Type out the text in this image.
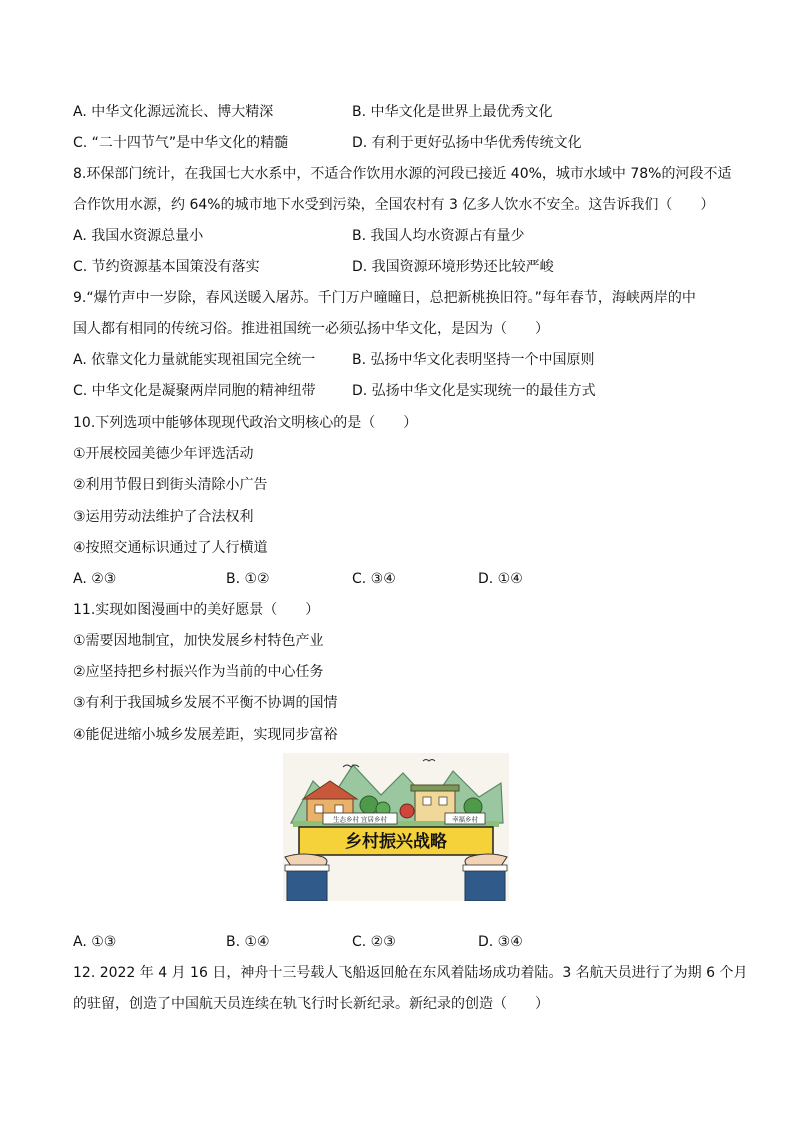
A. 中华文化源远流长、博大精深	B. 中华文化是世界上最优秀文化
C. “二十四节气”是中华文化的精髓	D. 有利于更好弘扬中华优秀传统文化
8.环保部门统计，在我国七大水系中，不适合作饮用水源的河段已接近 40%，城市水域中 78%的河段不适
合作饮用水源，约 64%的城市地下水受到污染，全国农村有 3 亿多人饮水不安全。这告诉我们（　　）
A. 我国水资源总量小	B. 我国人均水资源占有量少
C. 节约资源基本国策没有落实	D. 我国资源环境形势还比较严峻
9.“爆竹声中一岁除，春风送暖入屠苏。千门万户曈曈日，总把新桃换旧符。”每年春节，海峡两岸的中
国人都有相同的传统习俗。推进祖国统一必须弘扬中华文化，是因为（　　）
A. 依靠文化力量就能实现祖国完全统一	B. 弘扬中华文化表明坚持一个中国原则
C. 中华文化是凝聚两岸同胞的精神纽带	D. 弘扬中华文化是实现统一的最佳方式
10.下列选项中能够体现现代政治文明核心的是（　　）
①开展校园美德少年评选活动
②利用节假日到街头清除小广告
③运用劳动法维护了合法权利
④按照交通标识通过了人行横道
A. ②③	B. ①②	C. ③④	D. ①④
11.实现如图漫画中的美好愿景（　　）
①需要因地制宜，加快发展乡村特色产业
②应坚持把乡村振兴作为当前的中心任务
③有利于我国城乡发展不平衡不协调的国情
④能促进缩小城乡发展差距，实现同步富裕
生态乡村 宜居乡村	幸福乡村
乡村振兴战略
A. ①③	B. ①④	C. ②③	D. ③④
12. 2022 年 4 月 16 日，神舟十三号载人飞船返回舱在东风着陆场成功着陆。3 名航天员进行了为期 6 个月
的驻留，创造了中国航天员连续在轨飞行时长新纪录。新纪录的创造（　　）
